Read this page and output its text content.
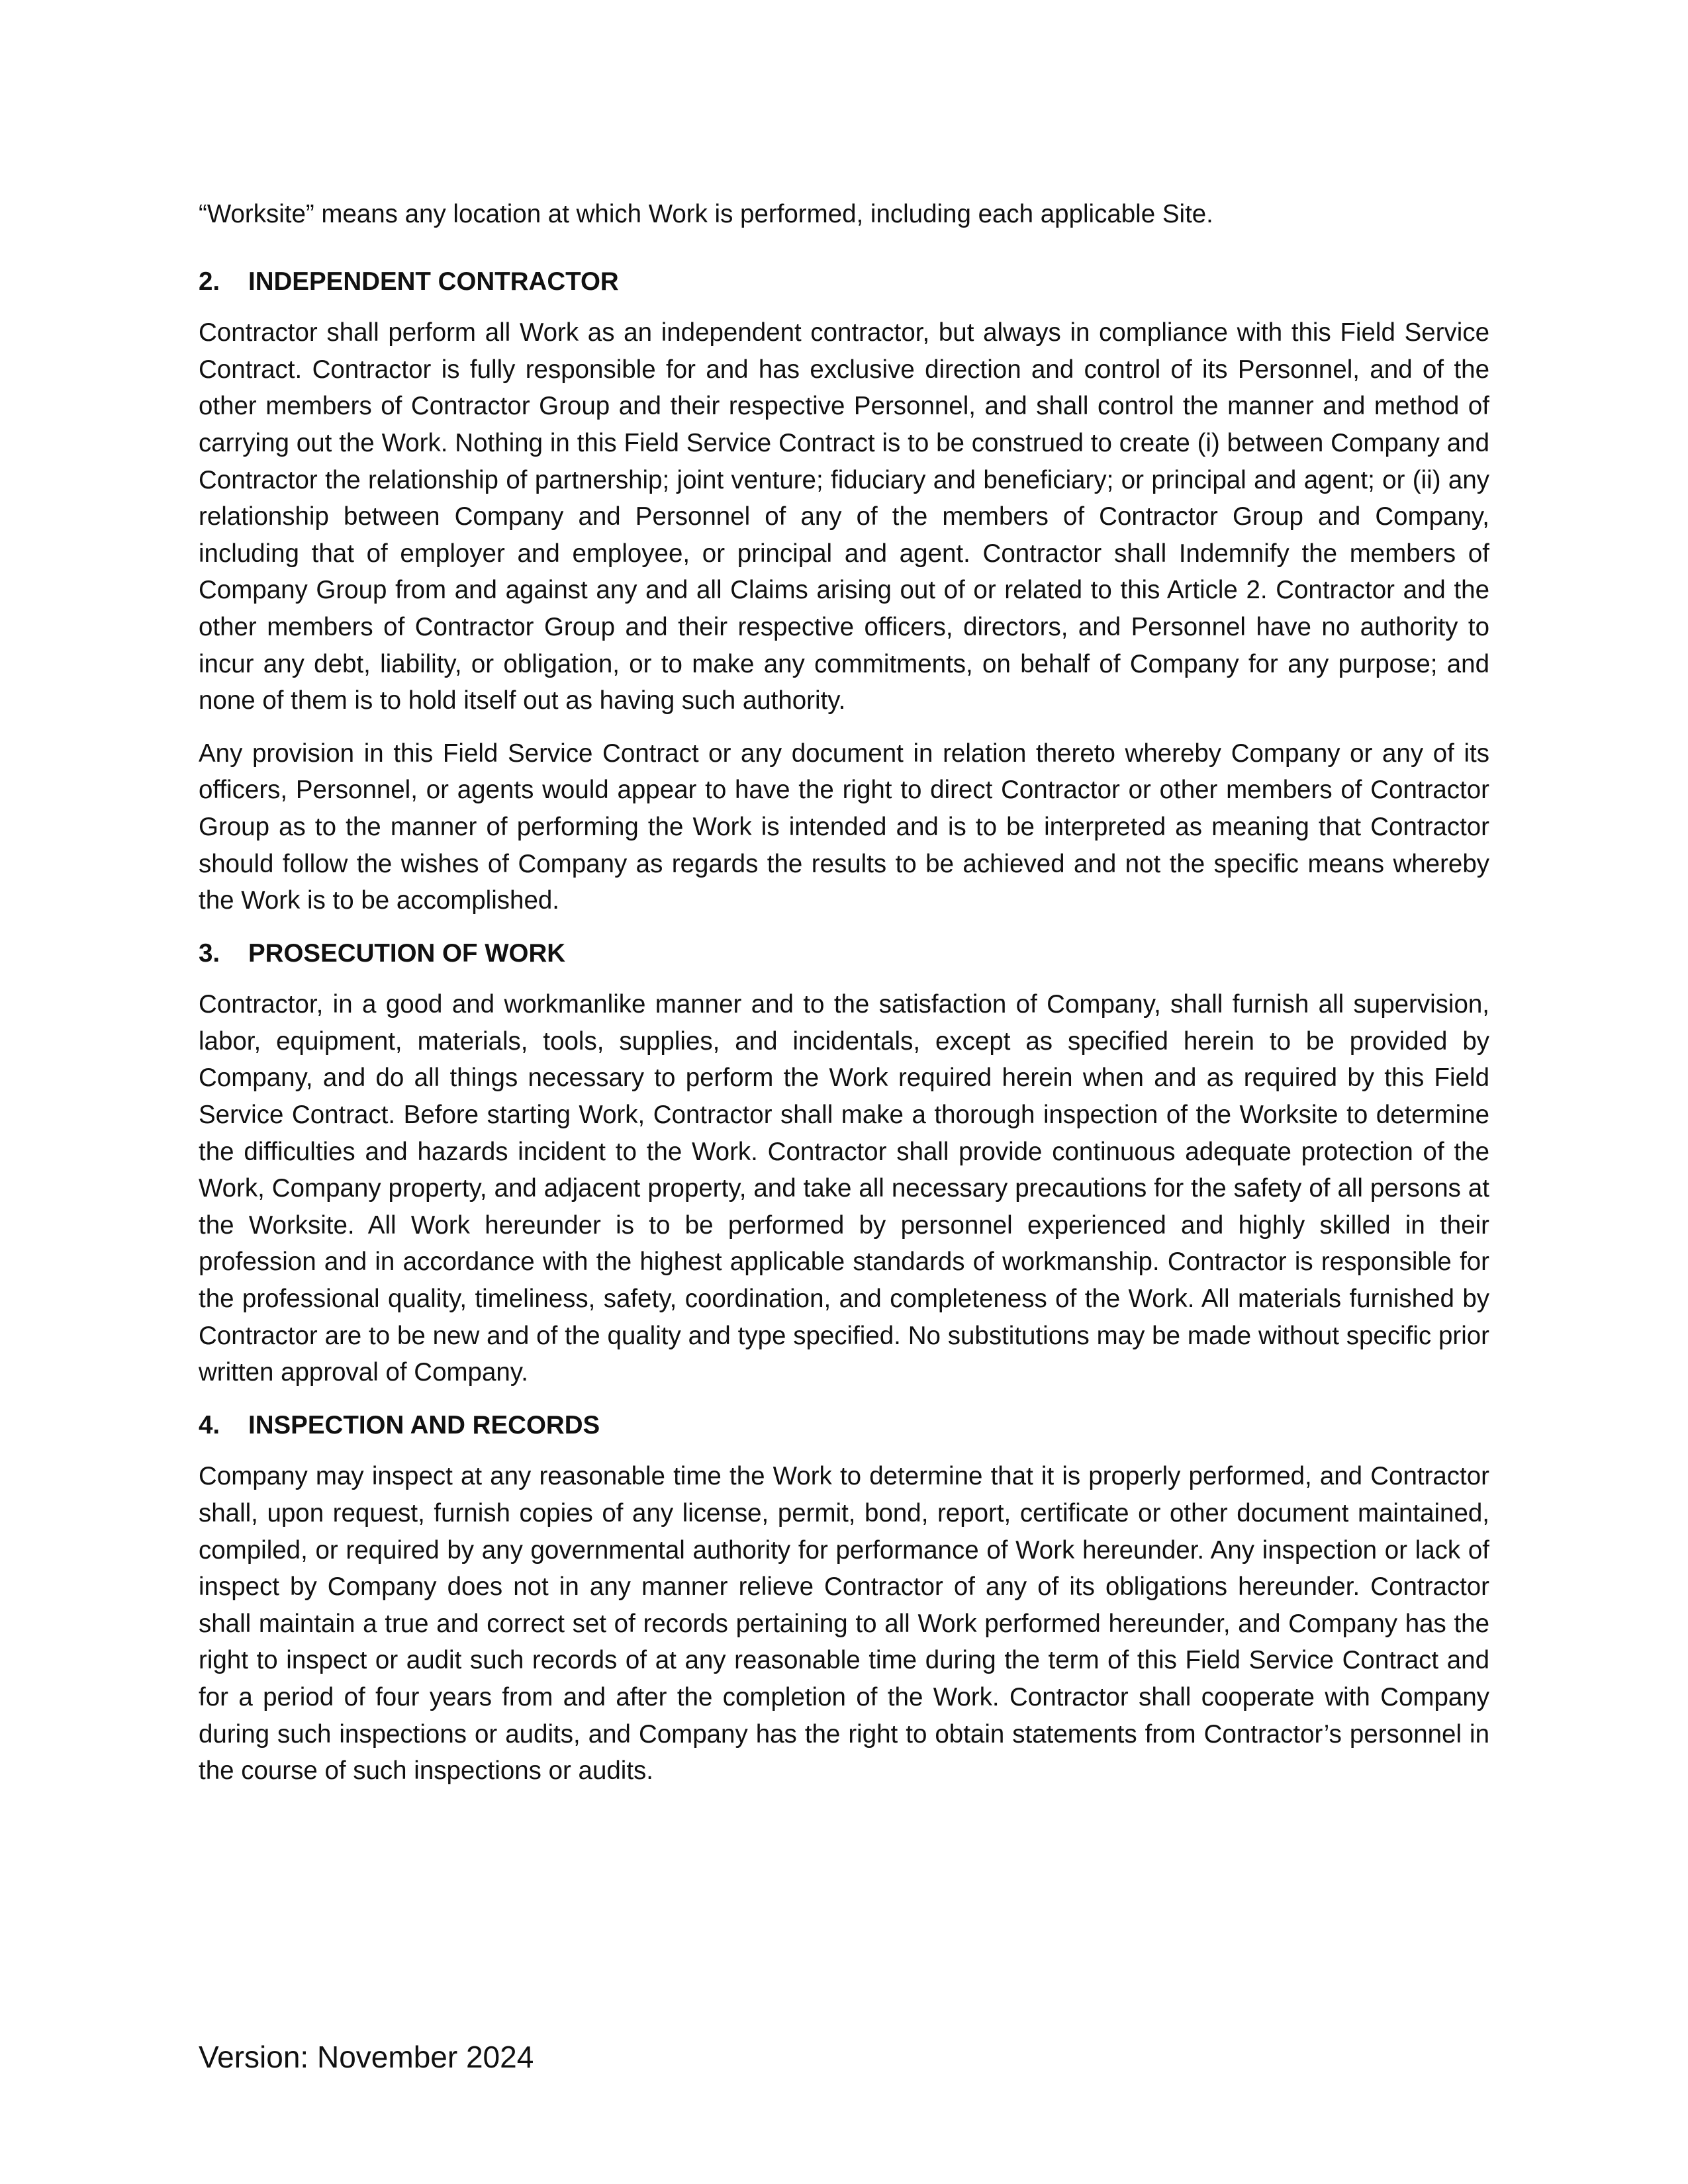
“Worksite” means any location at which Work is performed, including each applicable Site.

2.	INDEPENDENT CONTRACTOR

Contractor shall perform all Work as an independent contractor, but always in compliance with this Field Service Contract. Contractor is fully responsible for and has exclusive direction and control of its Personnel, and of the other members of Contractor Group and their respective Personnel, and shall control the manner and method of carrying out the Work. Nothing in this Field Service Contract is to be construed to create (i) between Company and Contractor the relationship of partnership; joint venture; fiduciary and beneficiary; or principal and agent; or (ii) any relationship between Company and Personnel of any of the members of Contractor Group and Company, including that of employer and employee, or principal and agent. Contractor shall Indemnify the members of Company Group from and against any and all Claims arising out of or related to this Article 2. Contractor and the other members of Contractor Group and their respective officers, directors, and Personnel have no authority to incur any debt, liability, or obligation, or to make any commitments, on behalf of Company for any purpose; and none of them is to hold itself out as having such authority.

Any provision in this Field Service Contract or any document in relation thereto whereby Company or any of its officers, Personnel, or agents would appear to have the right to direct Contractor or other members of Contractor Group as to the manner of performing the Work is intended and is to be interpreted as meaning that Contractor should follow the wishes of Company as regards the results to be achieved and not the specific means whereby the Work is to be accomplished.

3.	PROSECUTION OF WORK

Contractor, in a good and workmanlike manner and to the satisfaction of Company, shall furnish all supervision, labor, equipment, materials, tools, supplies, and incidentals, except as specified herein to be provided by Company, and do all things necessary to perform the Work required herein when and as required by this Field Service Contract. Before starting Work, Contractor shall make a thorough inspection of the Worksite to determine the difficulties and hazards incident to the Work. Contractor shall provide continuous adequate protection of the Work, Company property, and adjacent property, and take all necessary precautions for the safety of all persons at the Worksite. All Work hereunder is to be performed by personnel experienced and highly skilled in their profession and in accordance with the highest applicable standards of workmanship. Contractor is responsible for the professional quality, timeliness, safety, coordination, and completeness of the Work. All materials furnished by Contractor are to be new and of the quality and type specified. No substitutions may be made without specific prior written approval of Company.

4.	INSPECTION AND RECORDS

Company may inspect at any reasonable time the Work to determine that it is properly performed, and Contractor shall, upon request, furnish copies of any license, permit, bond, report, certificate or other document maintained, compiled, or required by any governmental authority for performance of Work hereunder. Any inspection or lack of inspect by Company does not in any manner relieve Contractor of any of its obligations hereunder. Contractor shall maintain a true and correct set of records pertaining to all Work performed hereunder, and Company has the right to inspect or audit such records of at any reasonable time during the term of this Field Service Contract and for a period of four years from and after the completion of the Work. Contractor shall cooperate with Company during such inspections or audits, and Company has the right to obtain statements from Contractor’s personnel in the course of such inspections or audits.

Version: November 2024
